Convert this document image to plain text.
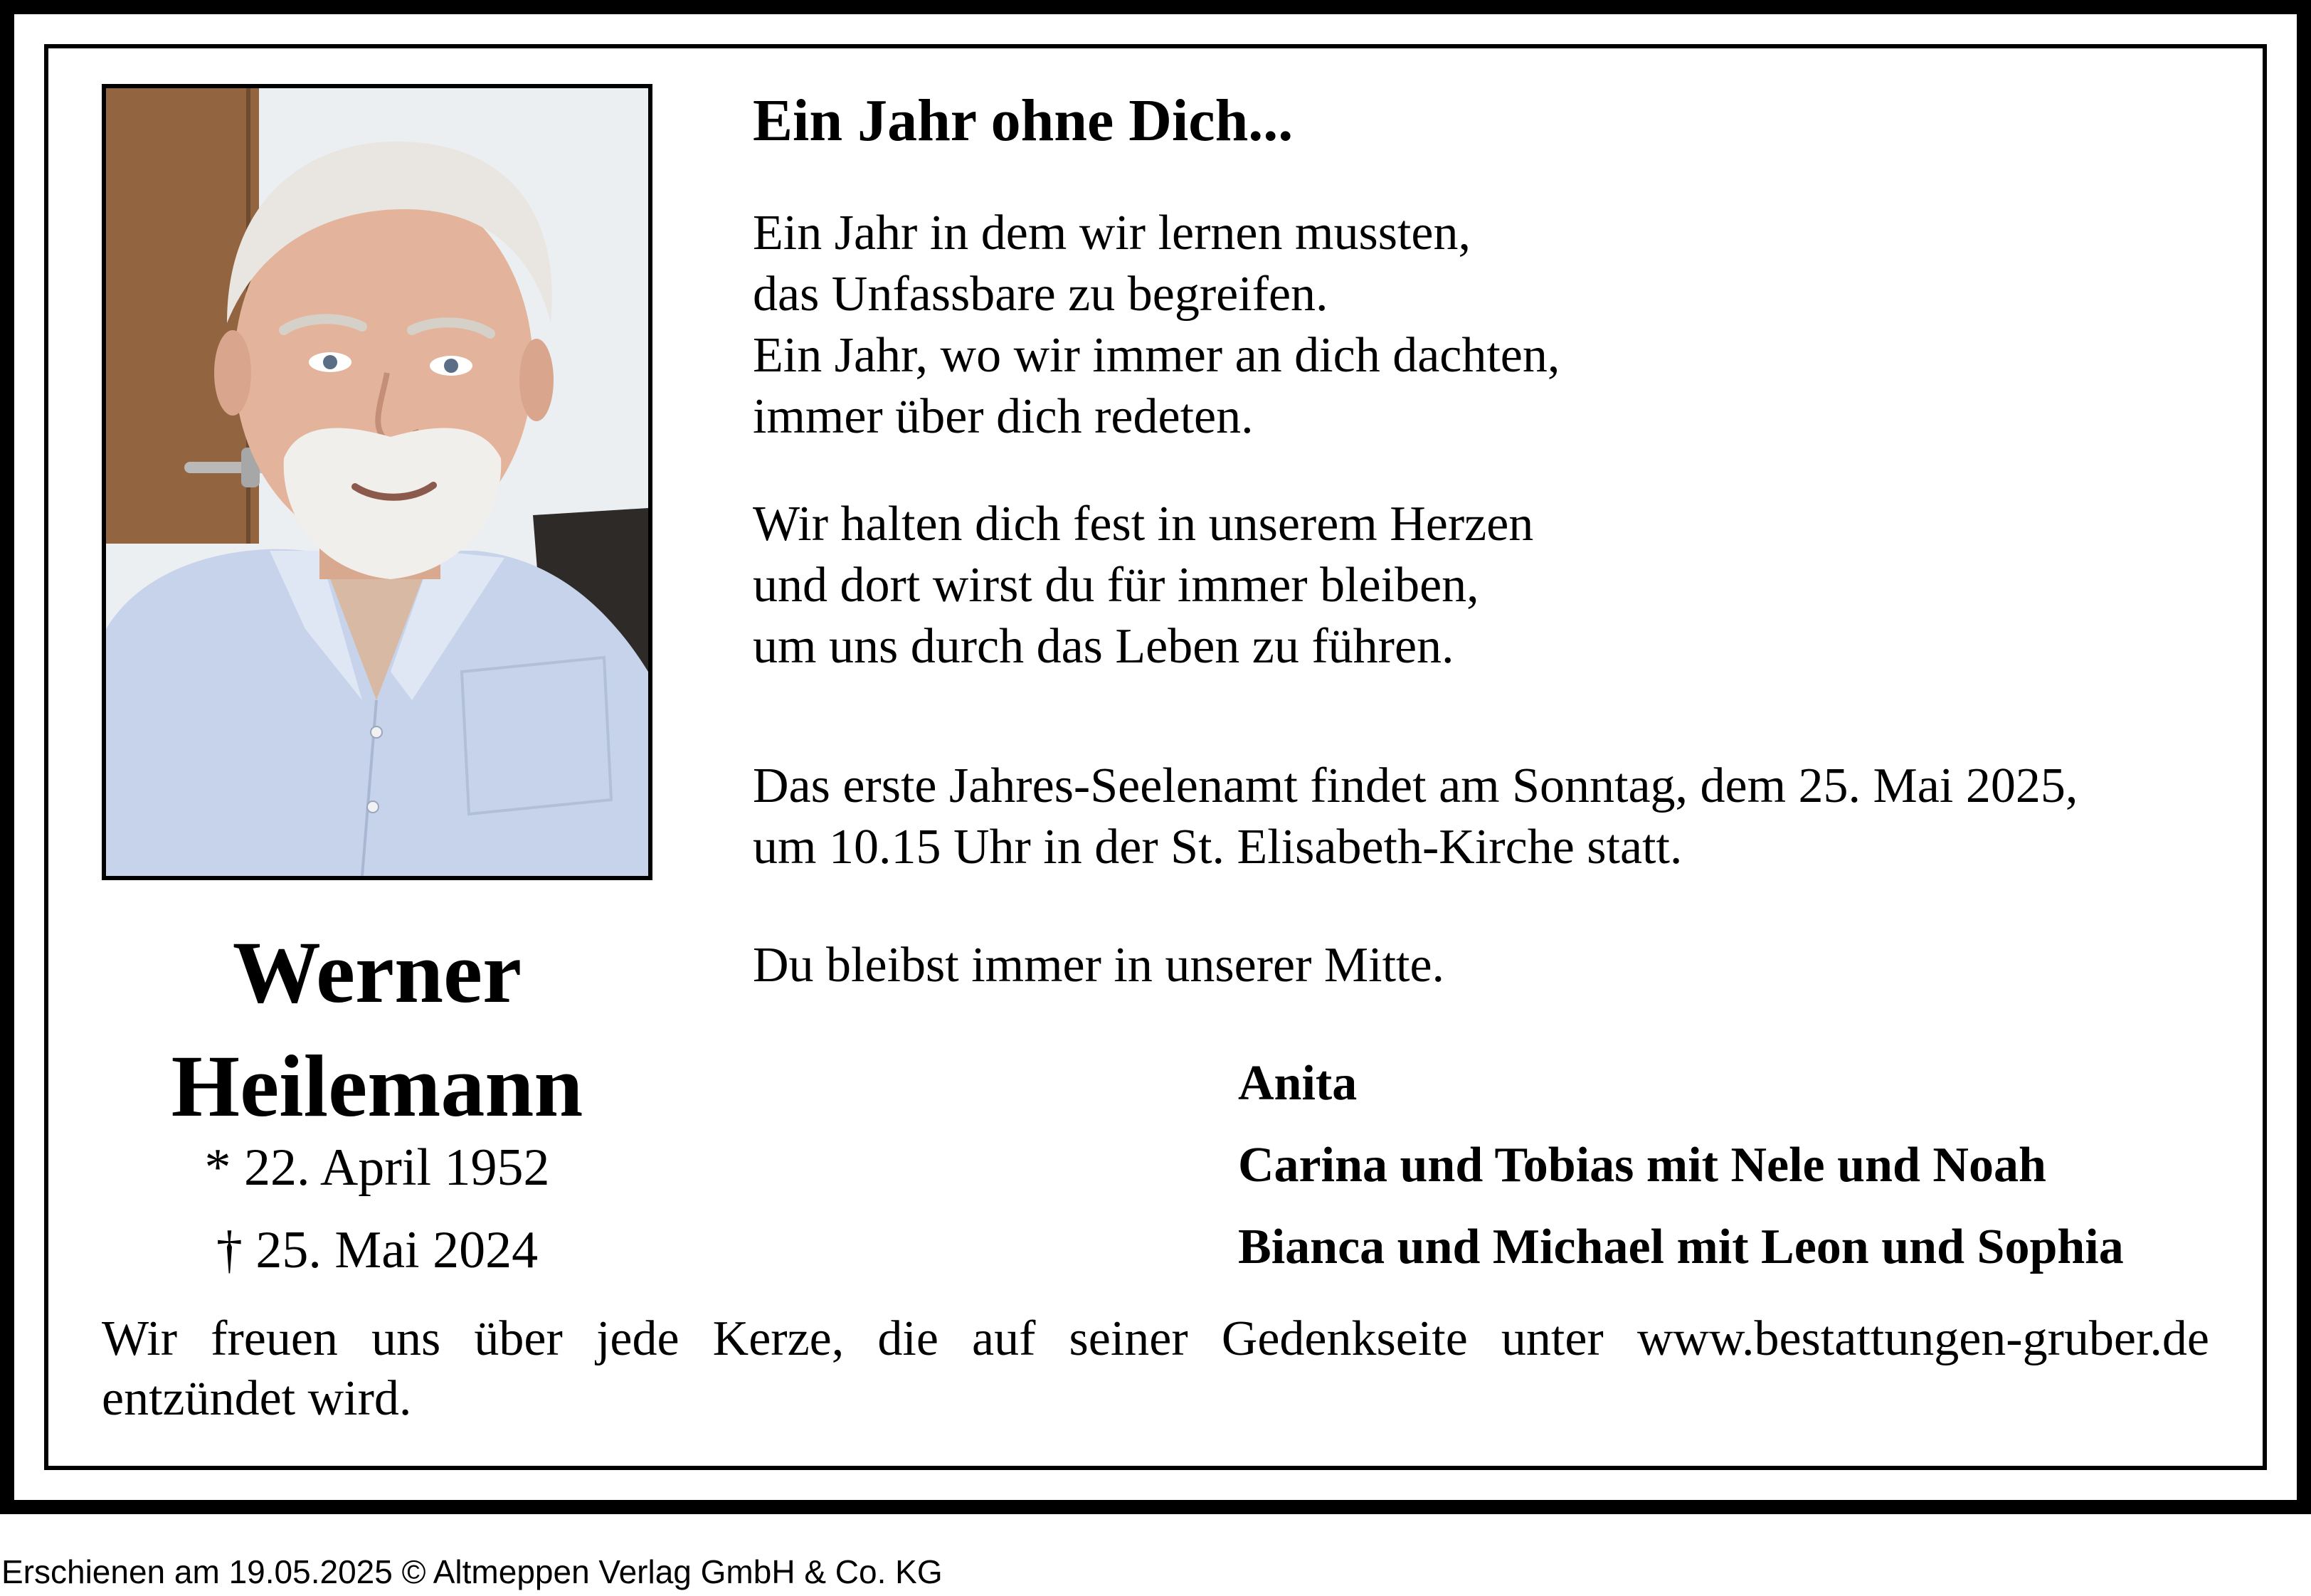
Werner
Heilemann
* 22. April 1952
† 25. Mai 2024
Ein Jahr ohne Dich...
Ein Jahr in dem wir lernen mussten,
das Unfassbare zu begreifen.
Ein Jahr, wo wir immer an dich dachten,
immer über dich redeten.
Wir halten dich fest in unserem Herzen
und dort wirst du für immer bleiben,
um uns durch das Leben zu führen.
Das erste Jahres-Seelenamt findet am Sonntag, dem 25. Mai 2025,
um 10.15 Uhr in der St. Elisabeth-Kirche statt.
Du bleibst immer in unserer Mitte.
Anita
Carina und Tobias mit Nele und Noah
Bianca und Michael mit Leon und Sophia
Wir freuen uns über jede Kerze, die auf seiner Gedenkseite unter www.bestattungen-gruber.de
entzündet wird.
Erschienen am 19.05.2025 © Altmeppen Verlag GmbH & Co. KG
